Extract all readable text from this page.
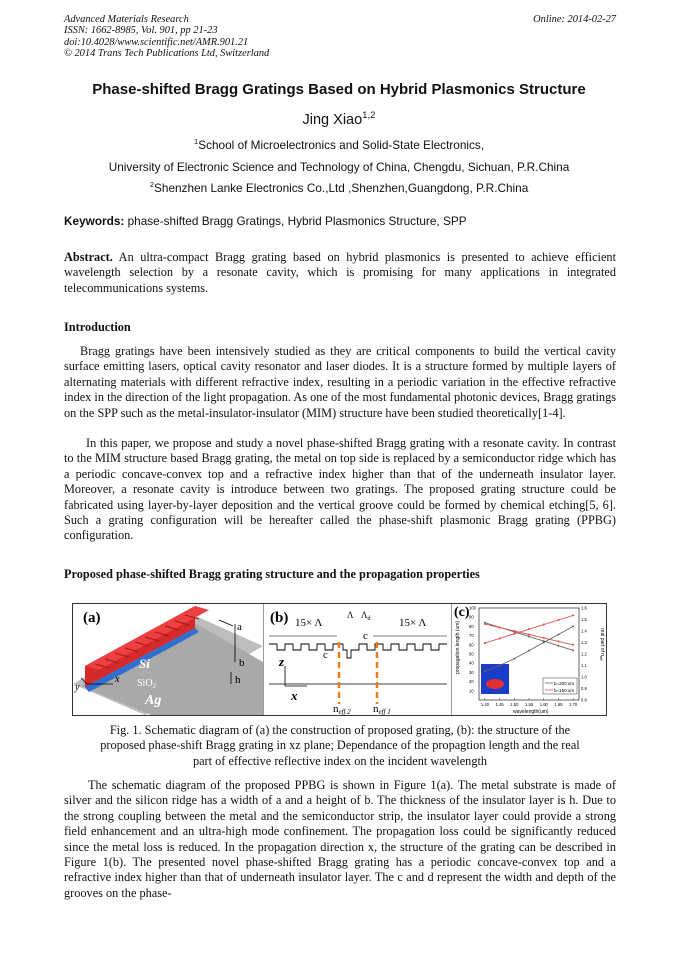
Advanced Materials Research
ISSN: 1662-8985, Vol. 901, pp 21-23
doi:10.4028/www.scientific.net/AMR.901.21
© 2014 Trans Tech Publications Ltd, Switzerland
Online: 2014-02-27
Phase-shifted Bragg Gratings Based on Hybrid Plasmonics Structure
Jing Xiao$^{1,2}$
$^1$School of Microelectronics and Solid-State Electronics,
University of Electronic Science and Technology of China, Chengdu, Sichuan, P.R.China
$^2$Shenzhen Lanke Electronics Co.,Ltd ,Shenzhen,Guangdong, P.R.China
Keywords: phase-shifted Bragg Gratings, Hybrid Plasmonics Structure, SPP

Abstract. An ultra-compact Bragg grating based on hybrid plasmonics is presented to achieve efficient wavelength selection by a resonate cavity, which is promising for many applications in integrated telecommunications systems.

Introduction

Bragg gratings have been intensively studied as they are critical components to build the vertical cavity surface emitting lasers, optical cavity resonator and laser diodes. It is a structure formed by multiple layers of alternating materials with different refractive index, resulting in a periodic variation in the effective refractive index in the direction of the light propagation. As one of the most fundamental photonic devices, Bragg gratings on the SPP such as the metal-insulator-insulator (MIM) structure have been studied theoretically[1-4].

In this paper, we propose and study a novel phase-shifted Bragg grating with a resonate cavity. In contrast to the MIM structure based Bragg grating, the metal on top side is replaced by a semiconductor ridge which has a periodic concave-convex top and a refractive index higher than that of the underneath insulator layer. Moreover, a resonate cavity is introduce between two gratings. The proposed grating structure could be fabricated using layer-by-layer deposition and the vertical groove could be formed by chemical etching[5, 6]. Such a grating configuration will be hereafter called the phase-shift plasmonic Bragg grating (PPBG) configuration.

Proposed phase-shifted Bragg grating structure and the propagation properties
(a)
Si
SiO$_2$
Ag
a
b
h
x
y
(b) 15× Λ	15× Λ
Λ $\Lambda_d$
c
c
z
x
neff 2 neff 1
(c)
1.40 1.45 1.50 1.55 1.60 1.65 1.70
100
90
80
70
60
50
40
30
20
10
1.6
1.5
1.4
1.3
1.2
1.1
1.0
0.9
0.8
propagation length (um)	real part of $n_{eff}$
wavelength(um)
b=200 um
b=150 um
Fig. 1. Schematic diagram of (a) the construction of proposed grating, (b): the structure of the
proposed phase-shift Bragg grating in xz plane; Dependance of the propagtion length and the real
part of effective reflective index on the incident wavelength

The schematic diagram of the proposed PPBG is shown in Figure 1(a). The metal substrate is made of silver and the silicon ridge has a width of a and a height of b. The thickness of the insulator layer is h. Due to the strong coupling between the metal and the semiconductor strip, the insulator layer could provide a strong field enhancement and an ultra-high mode confinement. The propagation loss could be significantly reduced since the metal loss is reduced. In the propagation direction x, the structure of the grating can be described in Figure 1(b). The presented novel phase-shifted Bragg grating has a periodic concave-convex top and a refractive index higher than that of underneath insulator layer. The c and d represent the width and depth of the grooves on the phase-
